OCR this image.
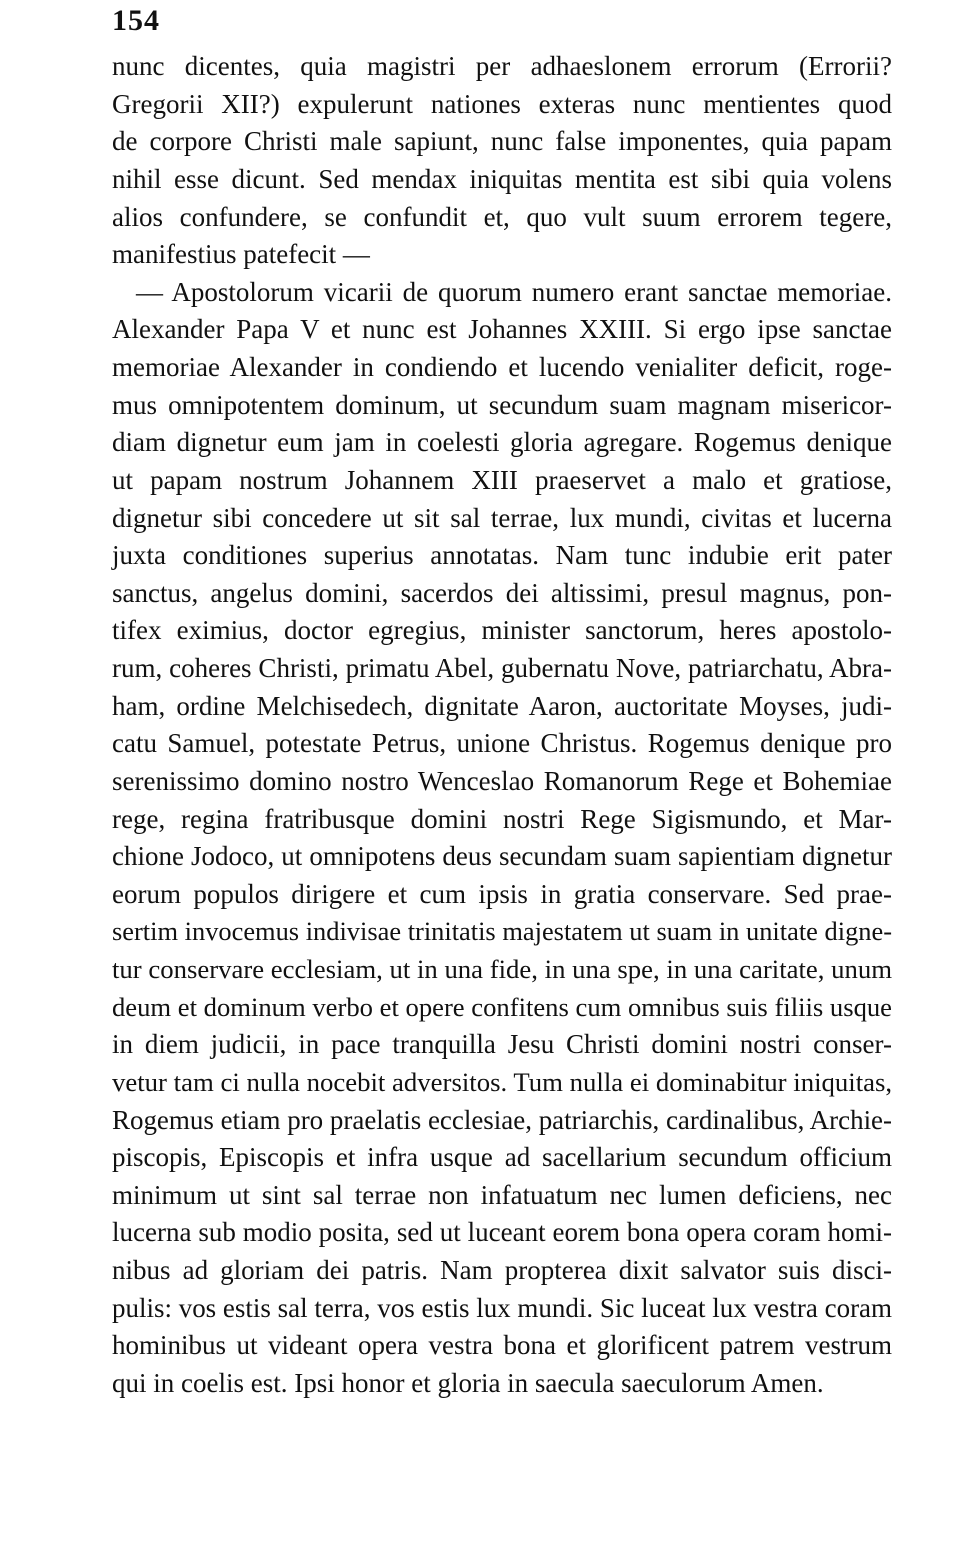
154

nunc dicentes, quia magistri per adhaeslonem errorum (Errorii?
Gregorii XII?) expulerunt nationes exteras nunc mentientes quod
de corpore Christi male sapiunt, nunc false imponentes, quia papam
nihil esse dicunt. Sed mendax iniquitas mentita est sibi quia volens
alios confundere, se confundit et, quo vult suum errorem tegere,
manifestius patefecit —
— Apostolorum vicarii de quorum numero erant sanctae memoriae.
Alexander Papa V et nunc est Johannes XXIII. Si ergo ipse sanctae
memoriae Alexander in condiendo et lucendo venialiter deficit, roge-
mus omnipotentem dominum, ut secundum suam magnam misericor-
diam dignetur eum jam in coelesti gloria agregare. Rogemus denique
ut papam nostrum Johannem XIII praeservet a malo et gratiose,
dignetur sibi concedere ut sit sal terrae, lux mundi, civitas et lucerna
juxta conditiones superius annotatas. Nam tunc indubie erit pater
sanctus, angelus domini, sacerdos dei altissimi, presul magnus, pon-
tifex eximius, doctor egregius, minister sanctorum, heres apostolo-
rum, coheres Christi, primatu Abel, gubernatu Nove, patriarchatu, Abra-
ham, ordine Melchisedech, dignitate Aaron, auctoritate Moyses, judi-
catu Samuel, potestate Petrus, unione Christus. Rogemus denique pro
serenissimo domino nostro Wenceslao Romanorum Rege et Bohemiae
rege, regina fratribusque domini nostri Rege Sigismundo, et Mar-
chione Jodoco, ut omnipotens deus secundam suam sapientiam dignetur
eorum populos dirigere et cum ipsis in gratia conservare. Sed prae-
sertim invocemus indivisae trinitatis majestatem ut suam in unitate digne-
tur conservare ecclesiam, ut in una fide, in una spe, in una caritate, unum
deum et dominum verbo et opere confitens cum omnibus suis filiis usque
in diem judicii, in pace tranquilla Jesu Christi domini nostri conser-
vetur tam ci nulla nocebit adversitos. Tum nulla ei dominabitur iniquitas,
Rogemus etiam pro praelatis ecclesiae, patriarchis, cardinalibus, Archie-
piscopis, Episcopis et infra usque ad sacellarium secundum officium
minimum ut sint sal terrae non infatuatum nec lumen deficiens, nec
lucerna sub modio posita, sed ut luceant eorem bona opera coram homi-
nibus ad gloriam dei patris. Nam propterea dixit salvator suis disci-
pulis: vos estis sal terra, vos estis lux mundi. Sic luceat lux vestra coram
hominibus ut videant opera vestra bona et glorificent patrem vestrum
qui in coelis est. Ipsi honor et gloria in saecula saeculorum Amen.
